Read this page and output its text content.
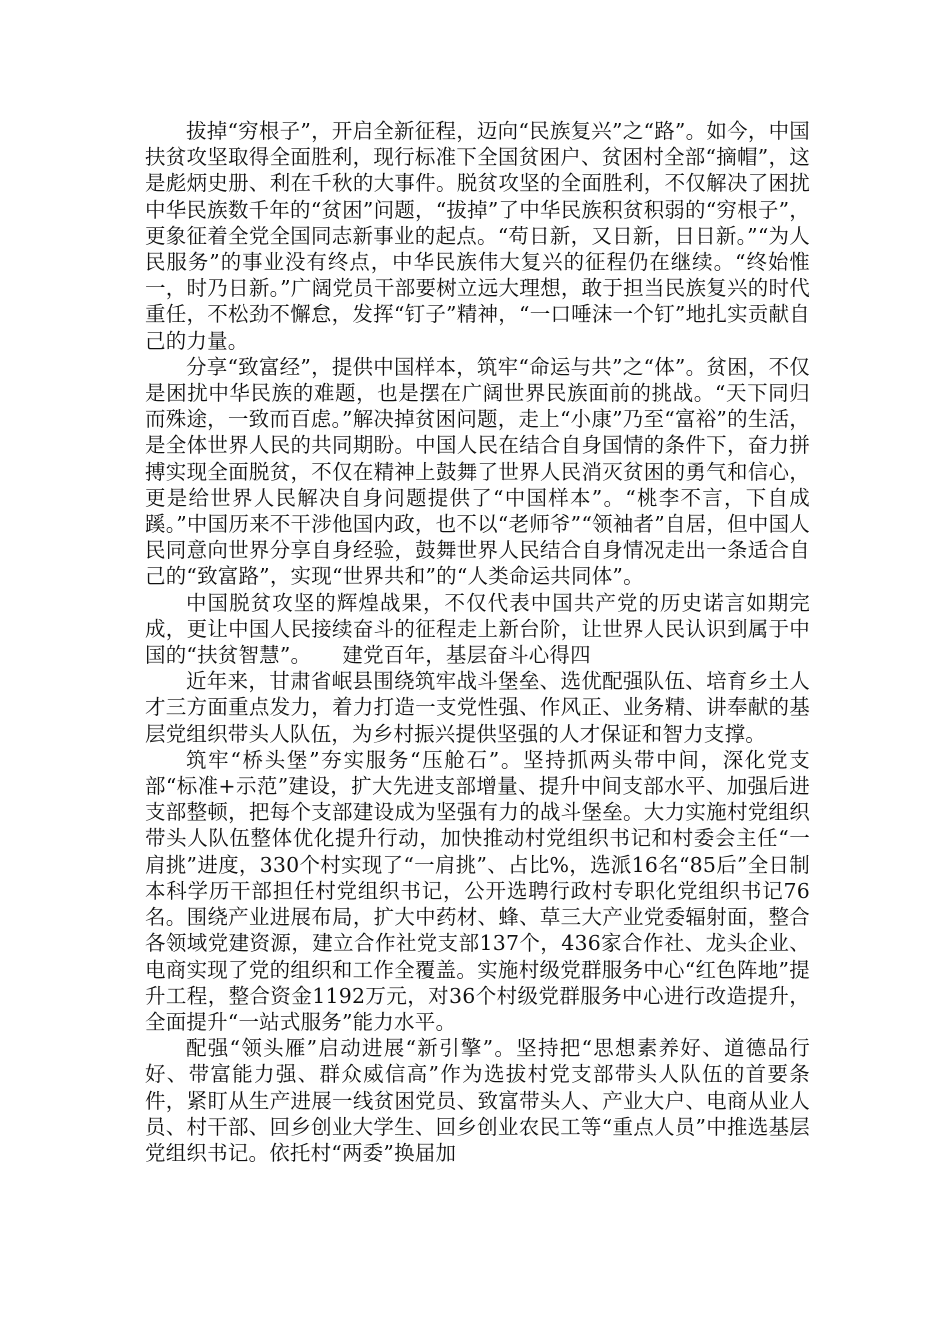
拔掉“穷根子”，开启全新征程，迈向“民族复兴”之“路”。如今，中国扶贫攻坚取得全面胜利，现行标准下全国贫困户、贫困村全部“摘帽”，这是彪炳史册、利在千秋的大事件。脱贫攻坚的全面胜利，不仅解决了困扰中华民族数千年的“贫困”问题，“拔掉”了中华民族积贫积弱的“穷根子”，更象征着全党全国同志新事业的起点。“苟日新，又日新，日日新。”“为人民服务”的事业没有终点，中华民族伟大复兴的征程仍在继续。“终始惟一，时乃日新。”广阔党员干部要树立远大理想，敢于担当民族复兴的时代重任，不松劲不懈怠，发挥“钉子”精神，“一口唾沫一个钉”地扎实贡献自己的力量。

分享“致富经”，提供中国样本，筑牢“命运与共”之“体”。贫困，不仅是困扰中华民族的难题，也是摆在广阔世界民族面前的挑战。“天下同归而殊途，一致而百虑。”解决掉贫困问题，走上“小康”乃至“富裕”的生活，是全体世界人民的共同期盼。中国人民在结合自身国情的条件下，奋力拼搏实现全面脱贫，不仅在精神上鼓舞了世界人民消灭贫困的勇气和信心，更是给世界人民解决自身问题提供了“中国样本”。“桃李不言，下自成蹊。”中国历来不干涉他国内政，也不以“老师爷”“领袖者”自居，但中国人民同意向世界分享自身经验，鼓舞世界人民结合自身情况走出一条适合自己的“致富路”，实现“世界共和”的“人类命运共同体”。

中国脱贫攻坚的辉煌战果，不仅代表中国共产党的历史诺言如期完成，更让中国人民接续奋斗的征程走上新台阶，让世界人民认识到属于中国的“扶贫智慧”。　　建党百年，基层奋斗心得四

近年来，甘肃省岷县围绕筑牢战斗堡垒、选优配强队伍、培育乡土人才三方面重点发力，着力打造一支党性强、作风正、业务精、讲奉献的基层党组织带头人队伍，为乡村振兴提供坚强的人才保证和智力支撑。

筑牢“桥头堡”夯实服务“压舱石”。坚持抓两头带中间，深化党支部“标准+示范”建设，扩大先进支部增量、提升中间支部水平、加强后进支部整顿，把每个支部建设成为坚强有力的战斗堡垒。大力实施村党组织带头人队伍整体优化提升行动，加快推动村党组织书记和村委会主任“一肩挑”进度，330个村实现了“一肩挑”、占比%，选派16名“85后”全日制本科学历干部担任村党组织书记，公开选聘行政村专职化党组织书记76名。围绕产业进展布局，扩大中药材、蜂、草三大产业党委辐射面，整合各领域党建资源，建立合作社党支部137个，436家合作社、龙头企业、电商实现了党的组织和工作全覆盖。实施村级党群服务中心“红色阵地”提升工程，整合资金1192万元，对36个村级党群服务中心进行改造提升，全面提升“一站式服务”能力水平。

配强“领头雁”启动进展“新引擎”。坚持把“思想素养好、道德品行好、带富能力强、群众威信高”作为选拔村党支部带头人队伍的首要条件，紧盯从生产进展一线贫困党员、致富带头人、产业大户、电商从业人员、村干部、回乡创业大学生、回乡创业农民工等“重点人员”中推选基层党组织书记。依托村“两委”换届加
